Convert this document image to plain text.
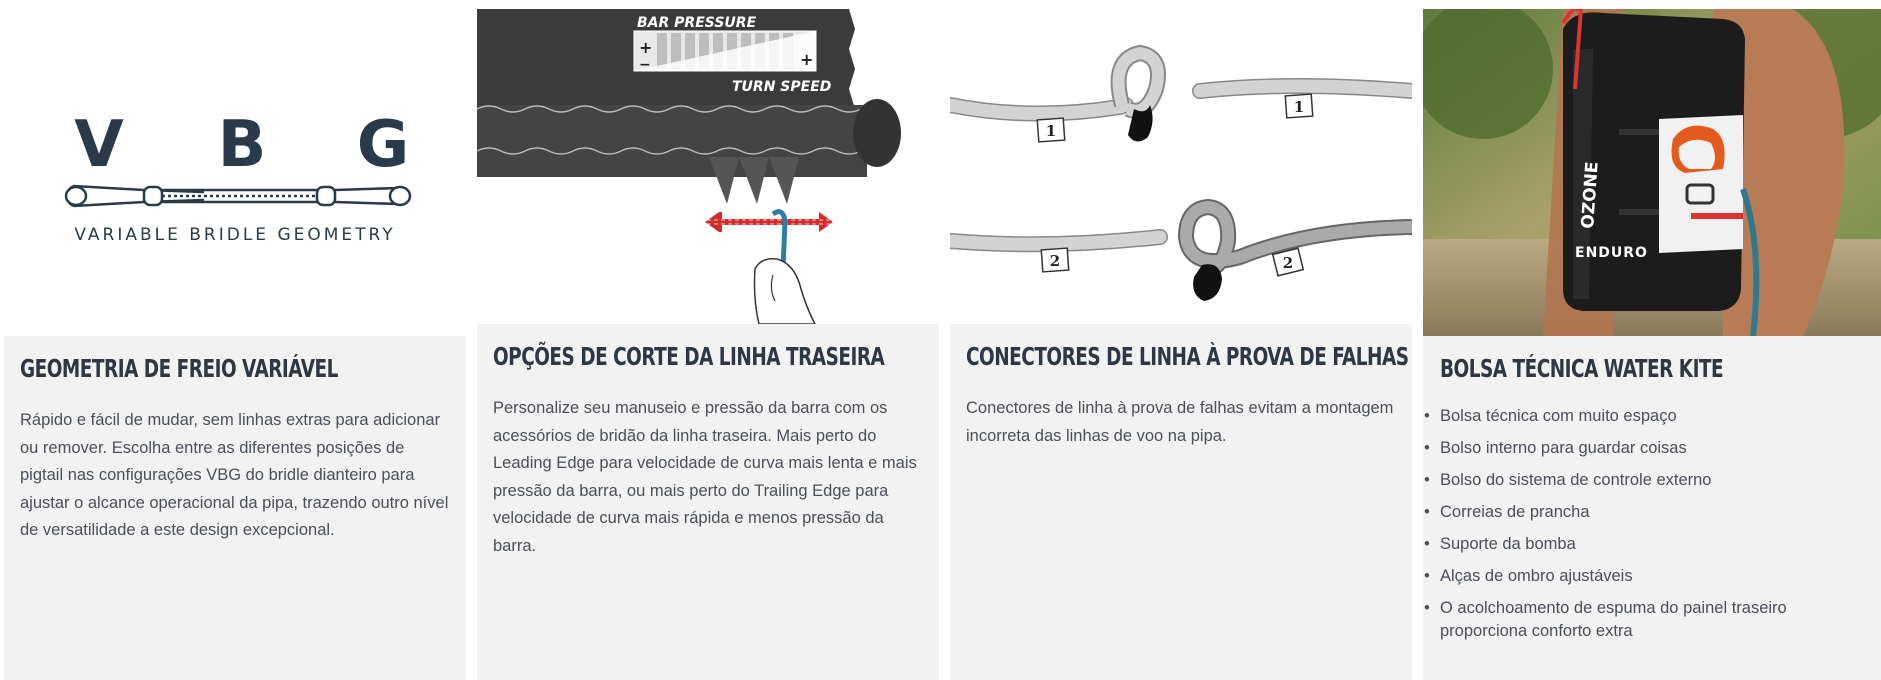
V B G
VARIABLE BRIDLE GEOMETRY
GEOMETRIA DE FREIO VARIÁVEL

Rápido e fácil de mudar, sem linhas extras para adicionar ou remover. Escolha entre as diferentes posições de pigtail nas configurações VBG do bridle dianteiro para ajustar o alcance operacional da pipa, trazendo outro nível de versatilidade a este design excepcional.

BAR PRESSURE
TURN SPEED
+
−	+
OPÇÕES DE CORTE DA LINHA TRASEIRA

Personalize seu manuseio e pressão da barra com os acessórios de bridão da linha traseira. Mais perto do Leading Edge para velocidade de curva mais lenta e mais pressão da barra, ou mais perto do Trailing Edge para velocidade de curva mais rápida e menos pressão da barra.

1
1
2	2
CONECTORES DE LINHA À PROVA DE FALHAS

Conectores de linha à prova de falhas evitam a montagem incorreta das linhas de voo na pipa.

OZONE
ENDURO
BOLSA TÉCNICA WATER KITE
• Bolsa técnica com muito espaço
• Bolso interno para guardar coisas
• Bolso do sistema de controle externo
• Correias de prancha
• Suporte da bomba
• Alças de ombro ajustáveis
• O acolchoamento de espuma do painel traseiro proporciona conforto extra
